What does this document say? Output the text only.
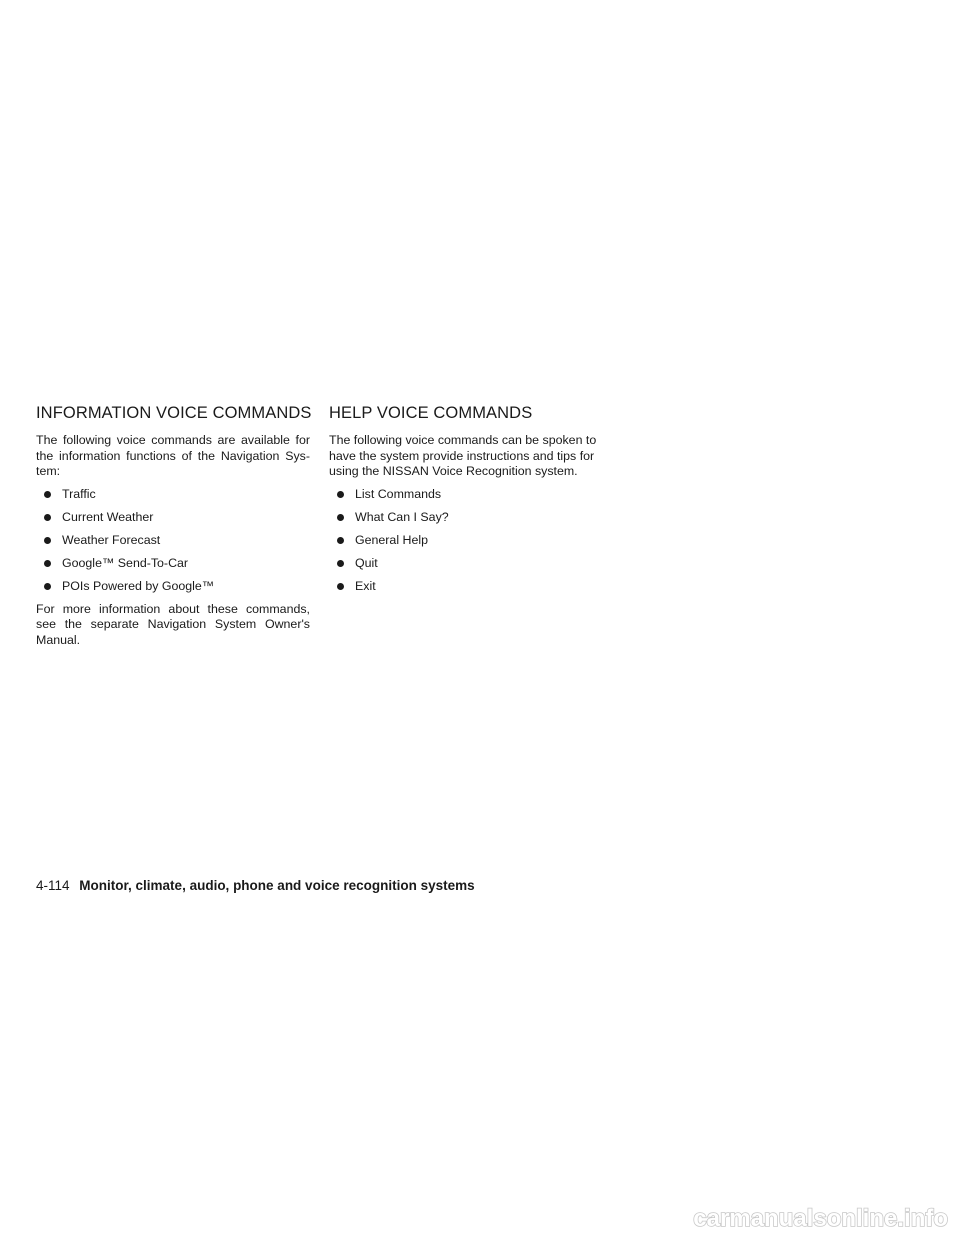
INFORMATION VOICE COMMANDS

The following voice commands are available for the information functions of the Navigation Sys-tem:

Traffic
Current Weather
Weather Forecast
Google™ Send-To-Car
POIs Powered by Google™

For more information about these commands, see the separate Navigation System Owner's Manual.

HELP VOICE COMMANDS

The following voice commands can be spoken to have the system provide instructions and tips for using the NISSAN Voice Recognition system.

List Commands
What Can I Say?
General Help
Quit
Exit
4-114 Monitor, climate, audio, phone and voice recognition systems
carmanualsonline.info
